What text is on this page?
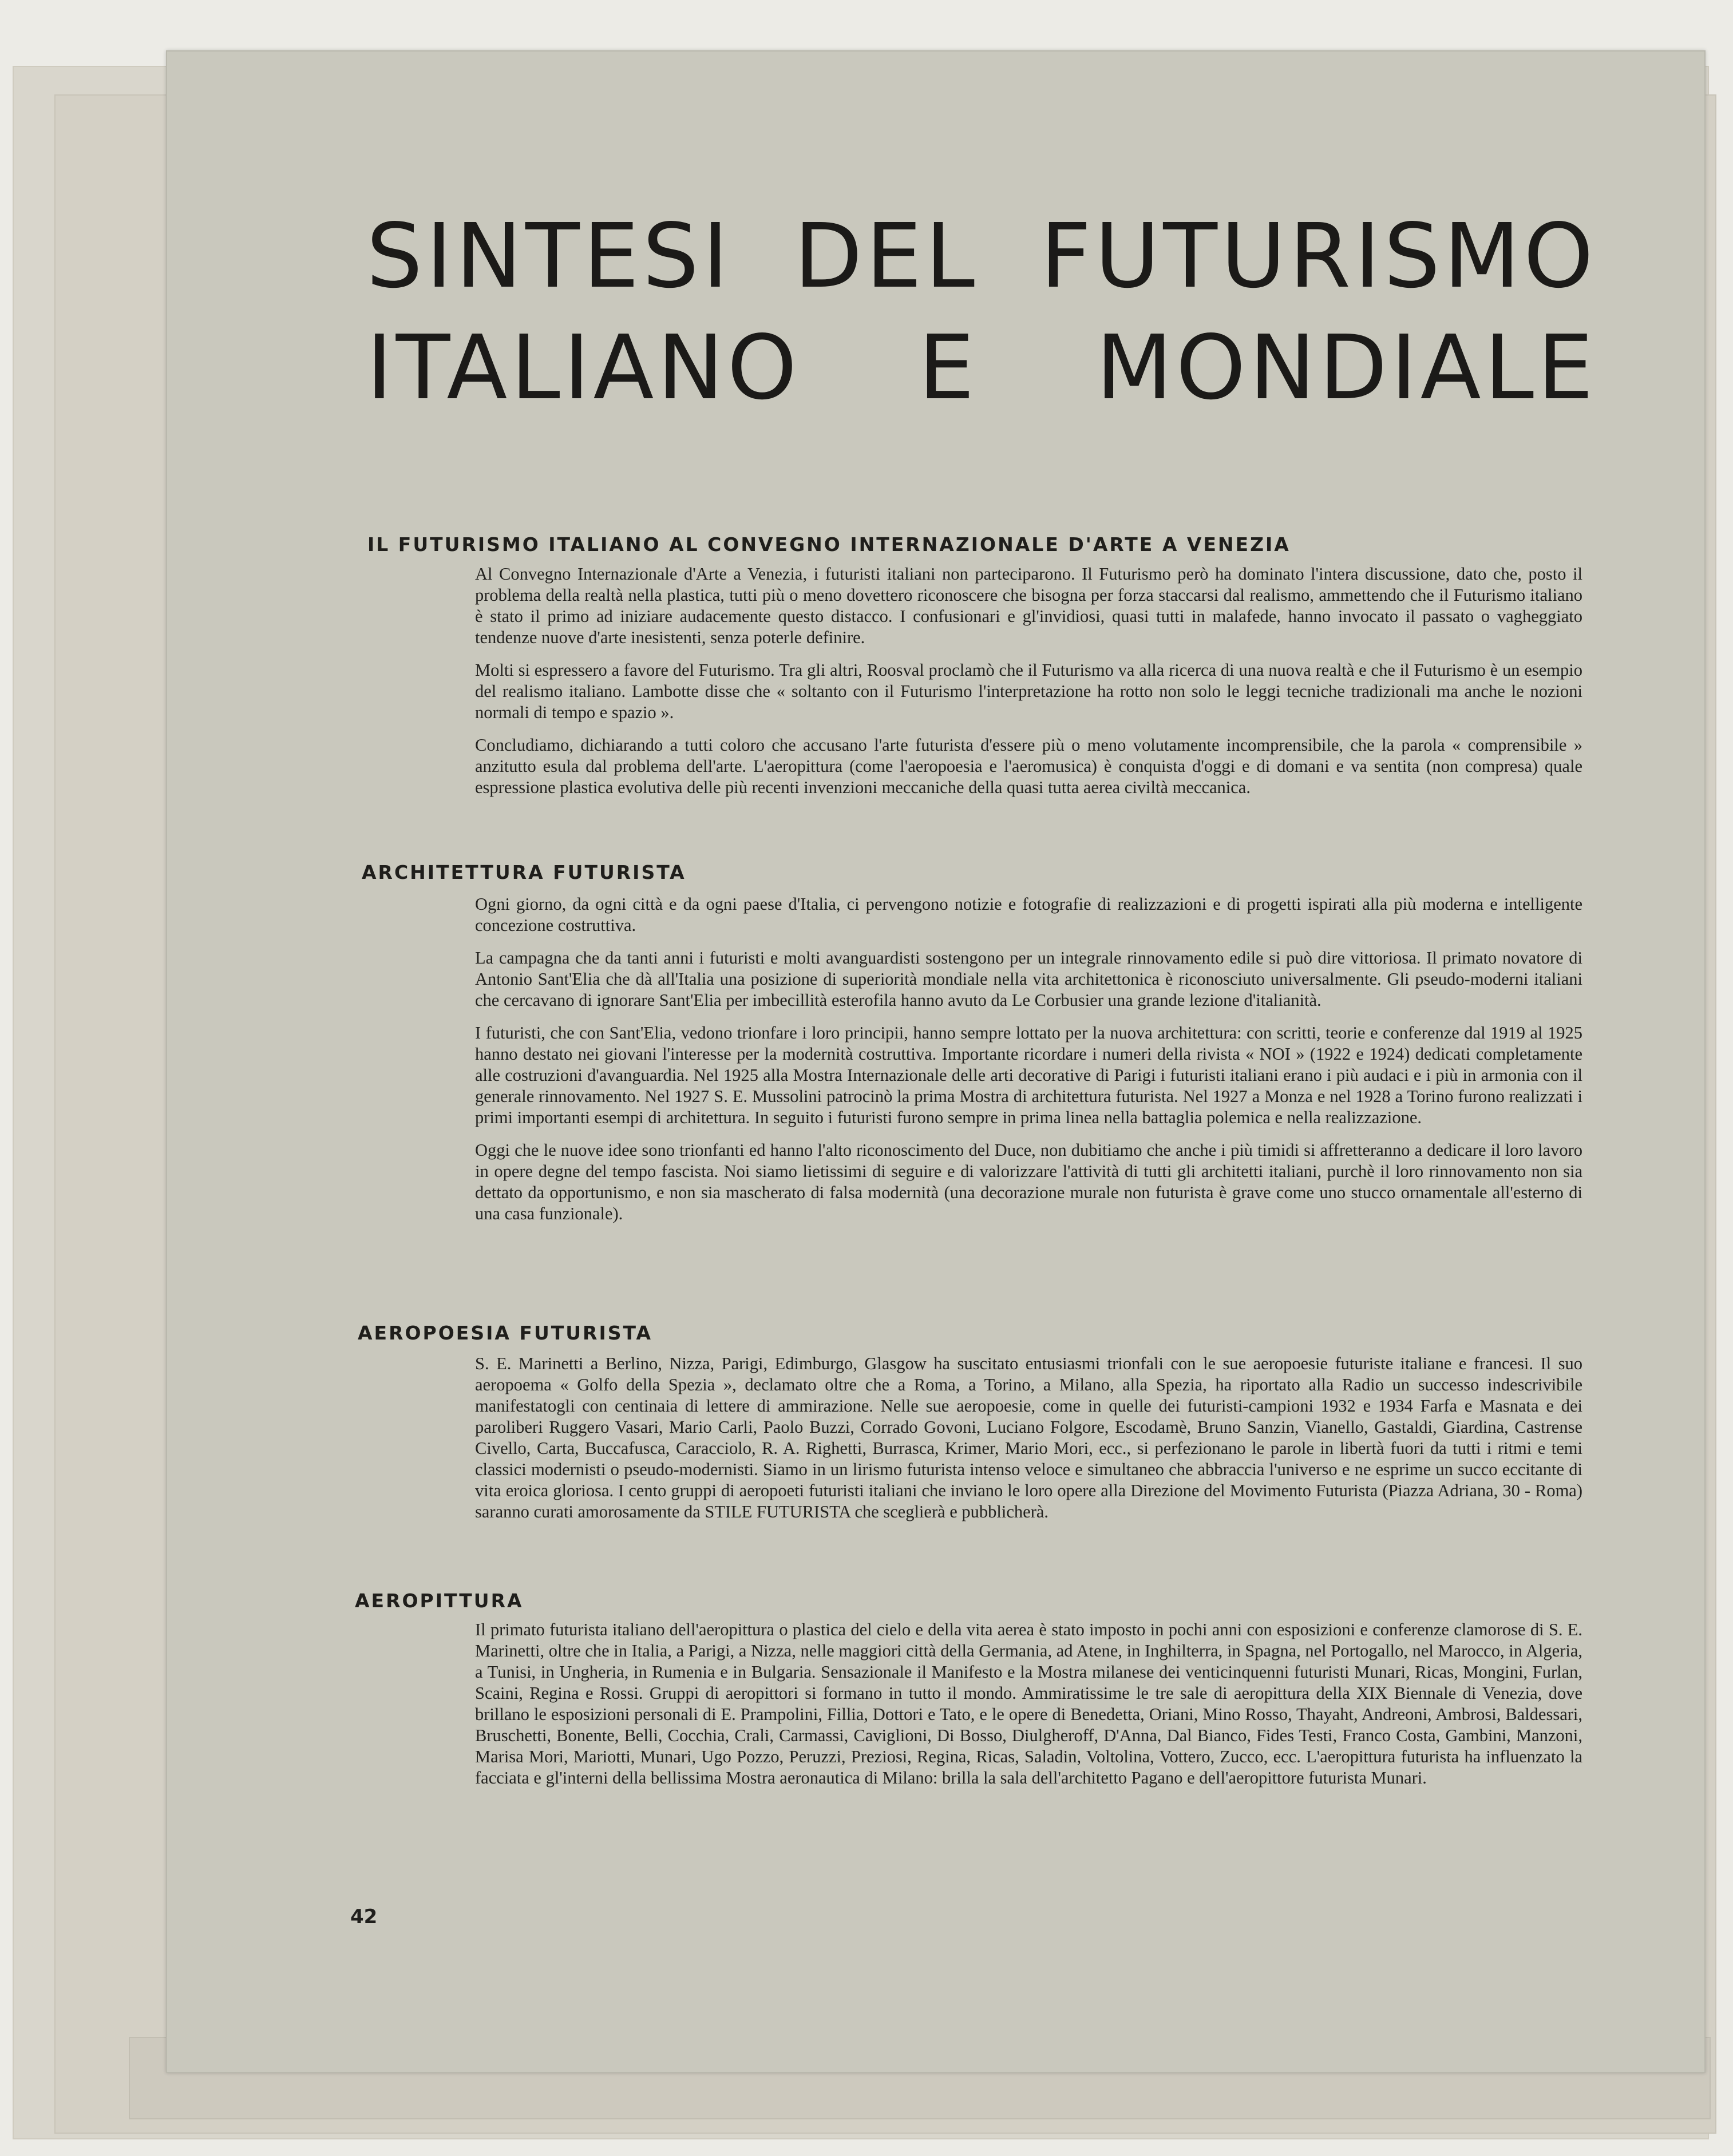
SINTESI DEL FUTURISMO
ITALIANO E MONDIALE
IL FUTURISMO ITALIANO AL CONVEGNO INTERNAZIONALE D'ARTE A VENEZIA

Al Convegno Internazionale d'Arte a Venezia, i futuristi italiani non parteciparono. Il Futurismo però ha dominato l'intera discussione, dato che, posto il problema della realtà nella plastica, tutti più o meno dovettero riconoscere che bisogna per forza staccarsi dal realismo, ammettendo che il Futurismo italiano è stato il primo ad iniziare audacemente questo distacco. I confusionari e gl'invidiosi, quasi tutti in malafede, hanno invocato il passato o vagheggiato tendenze nuove d'arte inesistenti, senza poterle definire.

Molti si espressero a favore del Futurismo. Tra gli altri, Roosval proclamò che il Futurismo va alla ricerca di una nuova realtà e che il Futurismo è un esempio del realismo italiano. Lambotte disse che « soltanto con il Futurismo l'interpretazione ha rotto non solo le leggi tecniche tradizionali ma anche le nozioni normali di tempo e spazio ».

Concludiamo, dichiarando a tutti coloro che accusano l'arte futurista d'essere più o meno volutamente incomprensibile, che la parola « comprensibile » anzitutto esula dal problema dell'arte. L'aeropittura (come l'aeropoesia e l'aeromusica) è conquista d'oggi e di domani e va sentita (non compresa) quale espressione plastica evolutiva delle più recenti invenzioni meccaniche della quasi tutta aerea civiltà meccanica.

ARCHITETTURA FUTURISTA

Ogni giorno, da ogni città e da ogni paese d'Italia, ci pervengono notizie e fotografie di realizzazioni e di progetti ispirati alla più moderna e intelligente concezione costruttiva.

La campagna che da tanti anni i futuristi e molti avanguardisti sostengono per un integrale rinnovamento edile si può dire vittoriosa. Il primato novatore di Antonio Sant'Elia che dà all'Italia una posizione di superiorità mondiale nella vita architettonica è riconosciuto universalmente. Gli pseudo-moderni italiani che cercavano di ignorare Sant'Elia per imbecillità esterofila hanno avuto da Le Corbusier una grande lezione d'italianità.

I futuristi, che con Sant'Elia, vedono trionfare i loro principii, hanno sempre lottato per la nuova architettura: con scritti, teorie e conferenze dal 1919 al 1925 hanno destato nei giovani l'interesse per la modernità costruttiva. Importante ricordare i numeri della rivista « NOI » (1922 e 1924) dedicati completamente alle costruzioni d'avanguardia. Nel 1925 alla Mostra Internazionale delle arti decorative di Parigi i futuristi italiani erano i più audaci e i più in armonia con il generale rinnovamento. Nel 1927 S. E. Mussolini patrocinò la prima Mostra di architettura futurista. Nel 1927 a Monza e nel 1928 a Torino furono realizzati i primi importanti esempi di architettura. In seguito i futuristi furono sempre in prima linea nella battaglia polemica e nella realizzazione.

Oggi che le nuove idee sono trionfanti ed hanno l'alto riconoscimento del Duce, non dubitiamo che anche i più timidi si affretteranno a dedicare il loro lavoro in opere degne del tempo fascista. Noi siamo lietissimi di seguire e di valorizzare l'attività di tutti gli architetti italiani, purchè il loro rinnovamento non sia dettato da opportunismo, e non sia mascherato di falsa modernità (una decorazione murale non futurista è grave come uno stucco ornamentale all'esterno di una casa funzionale).

AEROPOESIA FUTURISTA

S. E. Marinetti a Berlino, Nizza, Parigi, Edimburgo, Glasgow ha suscitato entusiasmi trionfali con le sue aeropoesie futuriste italiane e francesi. Il suo aeropoema « Golfo della Spezia », declamato oltre che a Roma, a Torino, a Milano, alla Spezia, ha riportato alla Radio un successo indescrivibile manifestatogli con centinaia di lettere di ammirazione. Nelle sue aeropoesie, come in quelle dei futuristi-campioni 1932 e 1934 Farfa e Masnata e dei paroliberi Ruggero Vasari, Mario Carli, Paolo Buzzi, Corrado Govoni, Luciano Folgore, Escodamè, Bruno Sanzin, Vianello, Gastaldi, Giardina, Castrense Civello, Carta, Buccafusca, Caracciolo, R. A. Righetti, Burrasca, Krimer, Mario Mori, ecc., si perfezionano le parole in libertà fuori da tutti i ritmi e temi classici modernisti o pseudo-modernisti. Siamo in un lirismo futurista intenso veloce e simultaneo che abbraccia l'universo e ne esprime un succo eccitante di vita eroica gloriosa. I cento gruppi di aeropoeti futuristi italiani che inviano le loro opere alla Direzione del Movimento Futurista (Piazza Adriana, 30 - Roma) saranno curati amorosamente da STILE FUTURISTA che sceglierà e pubblicherà.

AEROPITTURA

Il primato futurista italiano dell'aeropittura o plastica del cielo e della vita aerea è stato imposto in pochi anni con esposizioni e conferenze clamorose di S. E. Marinetti, oltre che in Italia, a Parigi, a Nizza, nelle maggiori città della Germania, ad Atene, in Inghilterra, in Spagna, nel Portogallo, nel Marocco, in Algeria, a Tunisi, in Ungheria, in Rumenia e in Bulgaria. Sensazionale il Manifesto e la Mostra milanese dei venticinquenni futuristi Munari, Ricas, Mongini, Furlan, Scaini, Regina e Rossi. Gruppi di aeropittori si formano in tutto il mondo. Ammiratissime le tre sale di aeropittura della XIX Biennale di Venezia, dove brillano le esposizioni personali di E. Prampolini, Fillia, Dottori e Tato, e le opere di Benedetta, Oriani, Mino Rosso, Thayaht, Andreoni, Ambrosi, Baldessari, Bruschetti, Bonente, Belli, Cocchia, Crali, Carmassi, Caviglioni, Di Bosso, Diulgheroff, D'Anna, Dal Bianco, Fides Testi, Franco Costa, Gambini, Manzoni, Marisa Mori, Mariotti, Munari, Ugo Pozzo, Peruzzi, Preziosi, Regina, Ricas, Saladin, Voltolina, Vottero, Zucco, ecc. L'aeropittura futurista ha influenzato la facciata e gl'interni della bellissima Mostra aeronautica di Milano: brilla la sala dell'architetto Pagano e dell'aeropittore futurista Munari.

42
